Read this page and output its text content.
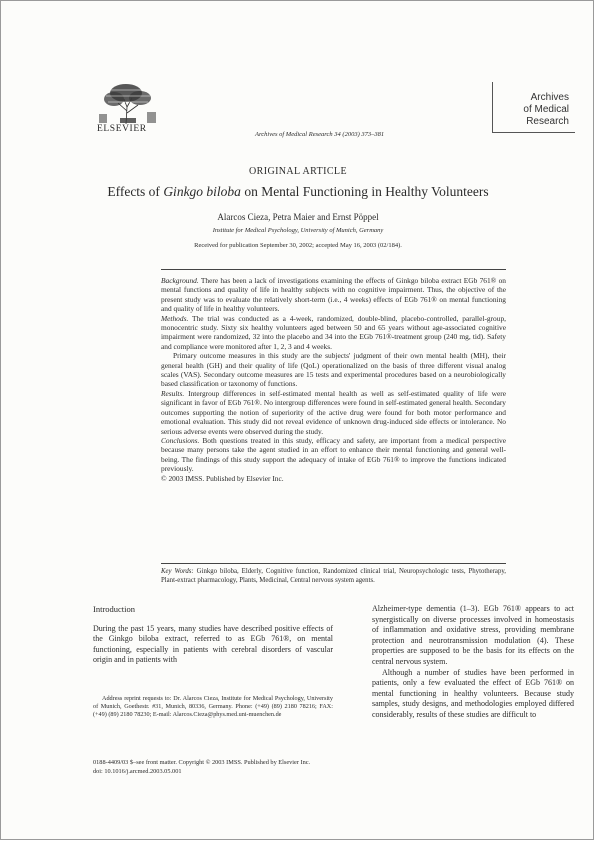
ELSEVIER
Archives of Medical Research 34 (2003) 373–381
Archives
of Medical
Research
ORIGINAL ARTICLE
Effects of Ginkgo biloba on Mental Functioning in Healthy Volunteers
Alarcos Cieza, Petra Maier and Ernst Pöppel
Institute for Medical Psychology, University of Munich, Germany
Received for publication September 30, 2002; accepted May 16, 2003 (02/184).

Background. There has been a lack of investigations examining the effects of Ginkgo biloba extract EGb 761® on mental functions and quality of life in healthy subjects with no cognitive impairment. Thus, the objective of the present study was to evaluate the relatively short-term (i.e., 4 weeks) effects of EGb 761® on mental functioning and quality of life in healthy volunteers.

Methods. The trial was conducted as a 4-week, randomized, double-blind, placebo-controlled, parallel-group, monocentric study. Sixty six healthy volunteers aged between 50 and 65 years without age-associated cognitive impairment were randomized, 32 into the placebo and 34 into the EGb 761®-treatment group (240 mg, tid). Safety and compliance were monitored after 1, 2, 3 and 4 weeks.

Primary outcome measures in this study are the subjects' judgment of their own mental health (MH), their general health (GH) and their quality of life (QoL) operationalized on the basis of three different visual analog scales (VAS). Secondary outcome measures are 15 tests and experimental procedures based on a neurobiologically based classification or taxonomy of functions.

Results. Intergroup differences in self-estimated mental health as well as self-estimated quality of life were significant in favor of EGb 761®. No intergroup differences were found in self-estimated general health. Secondary outcomes supporting the notion of superiority of the active drug were found for both motor performance and emotional evaluation. This study did not reveal evidence of unknown drug-induced side effects or intolerance. No serious adverse events were observed during the study.

Conclusions. Both questions treated in this study, efficacy and safety, are important from a medical perspective because many persons take the agent studied in an effort to enhance their mental functioning and general well-being. The findings of this study support the adequacy of intake of EGb 761® to improve the functions indicated previously.

© 2003 IMSS. Published by Elsevier Inc.

Key Words: Ginkgo biloba, Elderly, Cognitive function, Randomized clinical trial, Neuropsychologic tests, Phytotherapy, Plant-extract pharmacology, Plants, Medicinal, Central nervous system agents.
Introduction

During the past 15 years, many studies have described positive effects of the Ginkgo biloba extract, referred to as EGb 761®, on mental functioning, especially in patients with cerebral disorders of vascular origin and in patients with

Alzheimer-type dementia (1–3). EGb 761® appears to act synergistically on diverse processes involved in homeostasis of inflammation and oxidative stress, providing membrane protection and neurotransmission modulation (4). These properties are supposed to be the basis for its effects on the central nervous system.

Although a number of studies have been performed in patients, only a few evaluated the effect of EGb 761® on mental functioning in healthy volunteers. Because study samples, study designs, and methodologies employed differed considerably, results of these studies are difficult to

Address reprint requests to: Dr. Alarcos Cieza, Institute for Medical Psychology, University of Munich, Goethestr. #31, Munich, 80336, Germany. Phone: (+49) (89) 2180 78216; FAX: (+49) (89) 2180 78230; E-mail: Alarcos.Cieza@phys.med.uni-muenchen.de
0188-4409/03 $–see front matter. Copyright © 2003 IMSS. Published by Elsevier Inc.
doi: 10.1016/j.arcmed.2003.05.001
